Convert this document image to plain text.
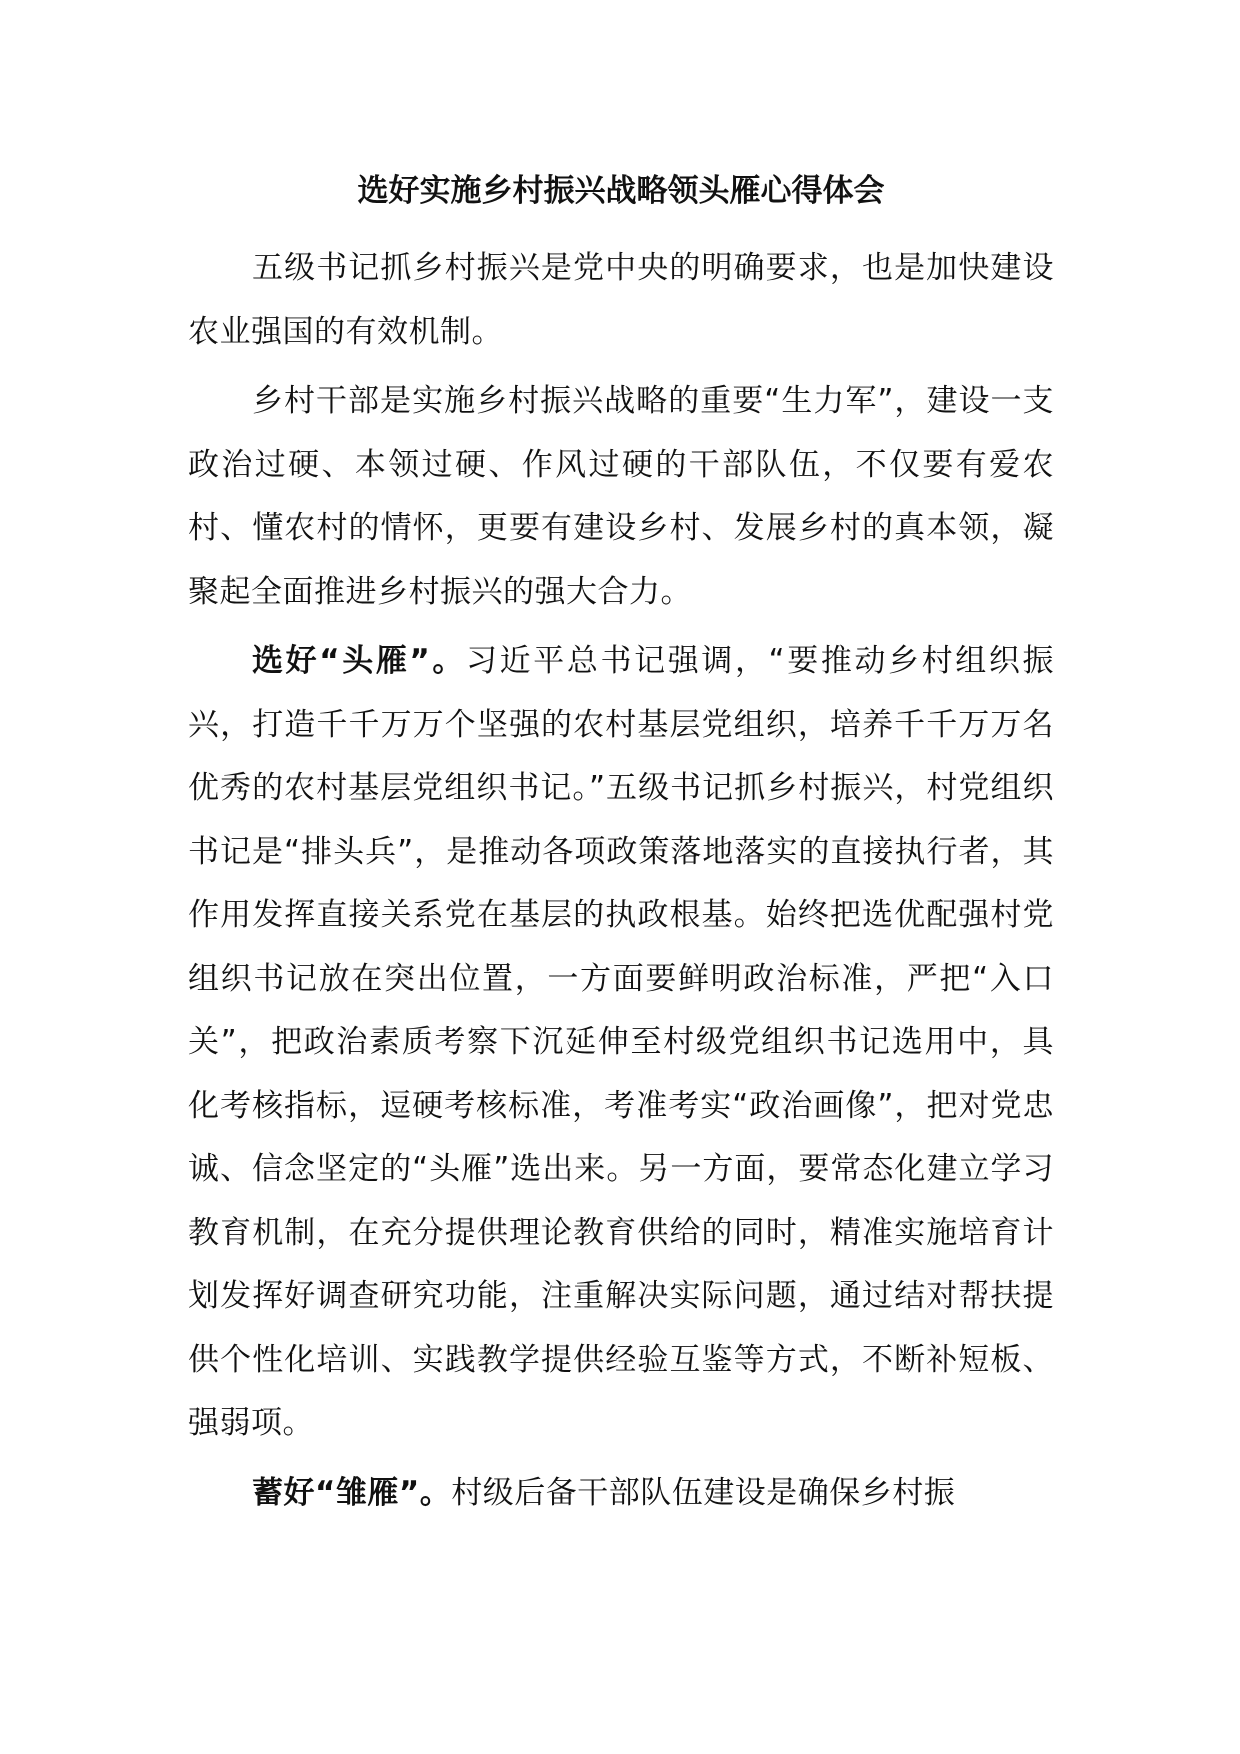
选好实施乡村振兴战略领头雁心得体会

五级书记抓乡村振兴是党中央的明确要求，也是加快建设农业强国的有效机制。

乡村干部是实施乡村振兴战略的重要“生力军”，建设一支政治过硬、本领过硬、作风过硬的干部队伍，不仅要有爱农村、懂农村的情怀，更要有建设乡村、发展乡村的真本领，凝聚起全面推进乡村振兴的强大合力。

选好“头雁”。习近平总书记强调，“要推动乡村组织振兴，打造千千万万个坚强的农村基层党组织，培养千千万万名优秀的农村基层党组织书记。”五级书记抓乡村振兴，村党组织书记是“排头兵”，是推动各项政策落地落实的直接执行者，其作用发挥直接关系党在基层的执政根基。始终把选优配强村党组织书记放在突出位置，一方面要鲜明政治标准，严把“入口关”，把政治素质考察下沉延伸至村级党组织书记选用中，具化考核指标，逗硬考核标准，考准考实“政治画像”，把对党忠诚、信念坚定的“头雁”选出来。另一方面，要常态化建立学习教育机制，在充分提供理论教育供给的同时，精准实施培育计划发挥好调查研究功能，注重解决实际问题，通过结对帮扶提供个性化培训、实践教学提供经验互鉴等方式，不断补短板、强弱项。

蓄好“雏雁”。村级后备干部队伍建设是确保乡村振
